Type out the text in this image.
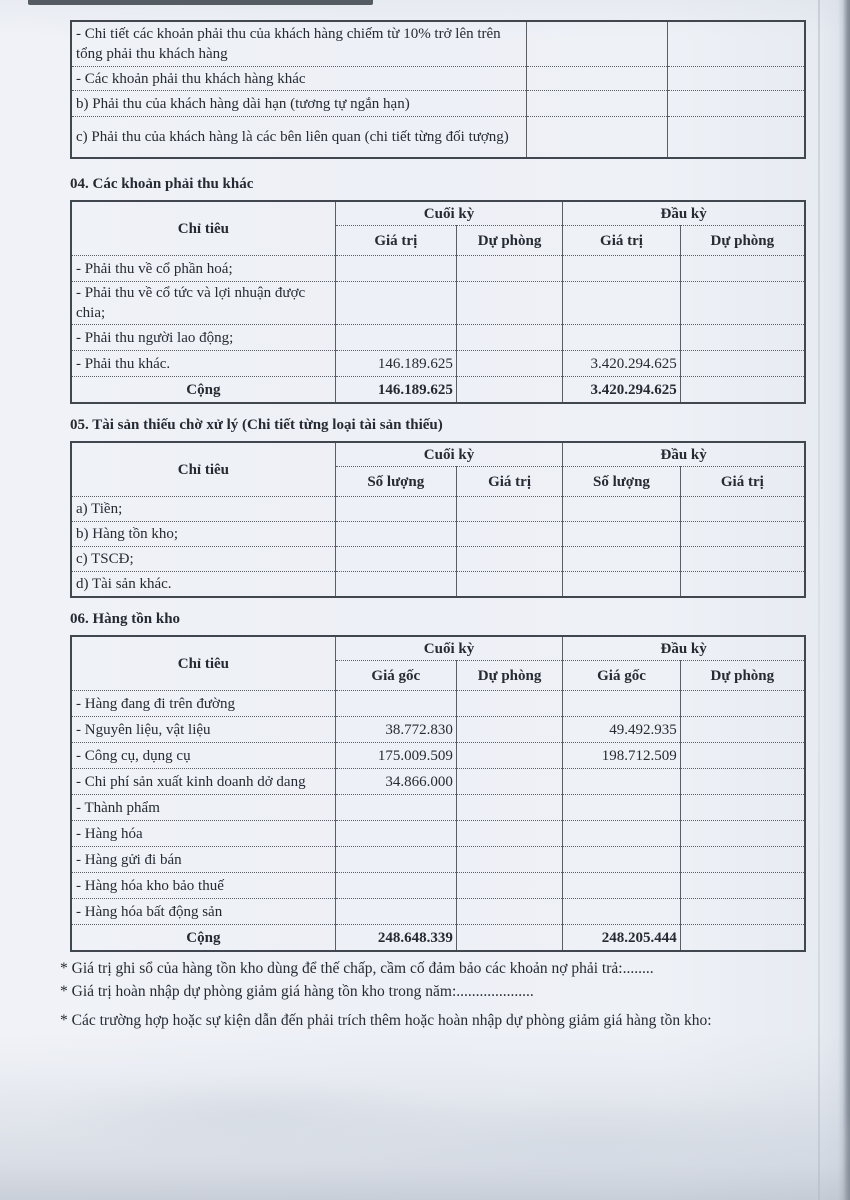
- Chi tiết các khoản phải thu của khách hàng chiếm từ 10% trở lên trên tổng phải thu khách hàng		
- Các khoản phải thu khách hàng khác		
b) Phải thu của khách hàng dài hạn (tương tự ngắn hạn)		
c) Phải thu của khách hàng là các bên liên quan (chi tiết từng đối tượng)		
04. Các khoản phải thu khác
Chỉ tiêu	Cuối kỳ		Đầu kỳ	
	Giá trị	Dự phòng	Giá trị	Dự phòng
- Phải thu về cổ phần hoá;				
- Phải thu về cổ tức và lợi nhuận được chia;				
- Phải thu người lao động;				
- Phải thu khác.	146.189.625		3.420.294.625	
Cộng	146.189.625		3.420.294.625	
05. Tài sản thiếu chờ xử lý (Chi tiết từng loại tài sản thiếu)
Chỉ tiêu	Cuối kỳ		Đầu kỳ	
	Số lượng	Giá trị	Số lượng	Giá trị
a) Tiền;				
b) Hàng tồn kho;				
c) TSCĐ;				
d) Tài sản khác.				
06. Hàng tồn kho
Chỉ tiêu	Cuối kỳ		Đầu kỳ	
	Giá gốc	Dự phòng	Giá gốc	Dự phòng
- Hàng đang đi trên đường				
- Nguyên liệu, vật liệu	38.772.830		49.492.935	
- Công cụ, dụng cụ	175.009.509		198.712.509	
- Chi phí sản xuất kinh doanh dở dang	34.866.000			
- Thành phẩm				
- Hàng hóa				
- Hàng gửi đi bán				
- Hàng hóa kho bảo thuế				
- Hàng hóa bất động sản				
Cộng	248.648.339		248.205.444	
* Giá trị ghi sổ của hàng tồn kho dùng để thế chấp, cầm cố đảm bảo các khoản nợ phải trả:........
* Giá trị hoàn nhập dự phòng giảm giá hàng tồn kho trong năm:....................
* Các trường hợp hoặc sự kiện dẫn đến phải trích thêm hoặc hoàn nhập dự phòng giảm giá hàng tồn kho:
